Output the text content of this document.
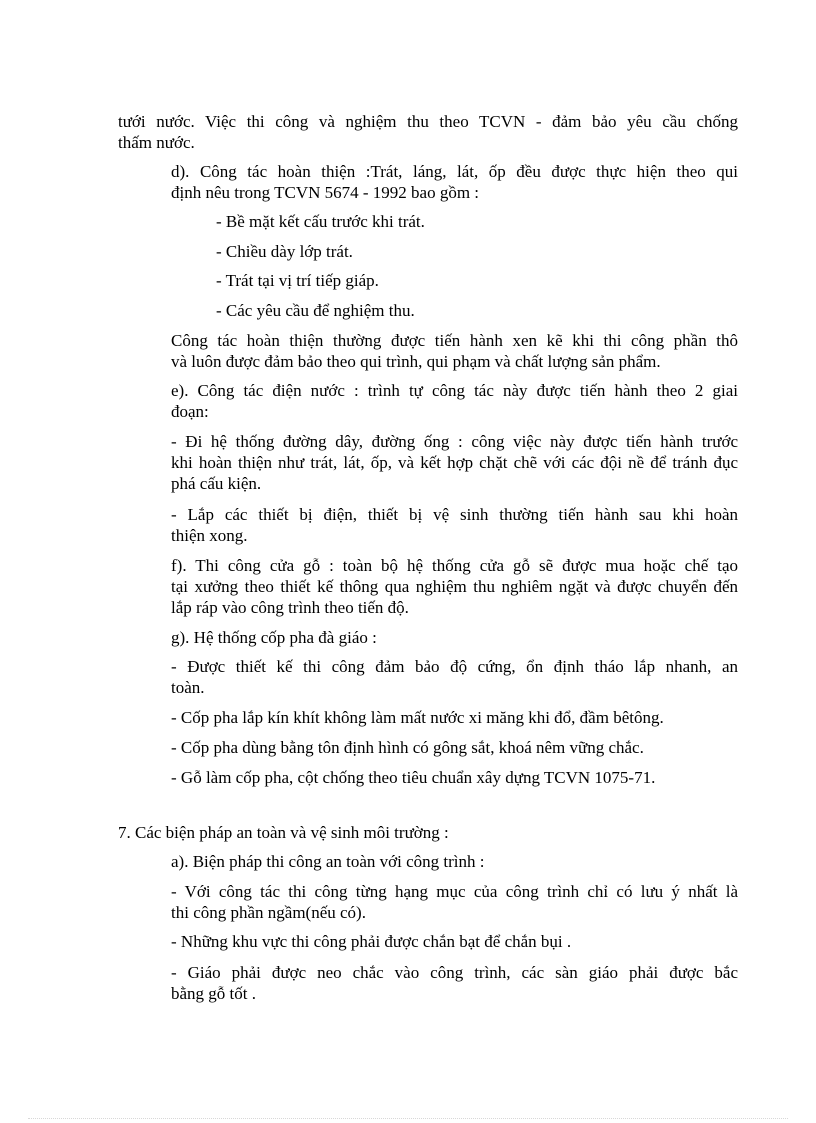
tưới nước. Việc thi công và nghiệm thu theo TCVN - đảm bảo yêu cầu chống
thấm nước.

d). Công tác hoàn thiện :Trát, láng, lát, ốp đều được thực hiện theo qui
định nêu trong TCVN 5674 - 1992 bao gồm :

- Bề mặt kết cấu trước khi trát.

- Chiều dày lớp trát.

- Trát tại vị trí tiếp giáp.

- Các yêu cầu để nghiệm thu.

Công tác hoàn thiện thường được tiến hành xen kẽ khi thi công phần thô
và luôn được đảm bảo theo qui trình, qui phạm và chất lượng sản phẩm.

e). Công tác điện nước : trình tự công tác này được tiến hành theo 2 giai
đoạn:

- Đi hệ thống đường dây, đường ống : công việc này được tiến hành trước
khi hoàn thiện như trát, lát, ốp, và kết hợp chặt chẽ với các đội nề để tránh đục
phá cấu kiện.

- Lắp các thiết bị điện, thiết bị vệ sinh thường tiến hành sau khi hoàn
thiện xong.

f). Thi công cửa gỗ : toàn bộ hệ thống cửa gỗ sẽ được mua hoặc chế tạo
tại xưởng theo thiết kế thông qua nghiệm thu nghiêm ngặt và được chuyển đến
lắp ráp vào công trình theo tiến độ.

g). Hệ thống cốp pha đà giáo :

- Được thiết kế thi công đảm bảo độ cứng, ổn định tháo lắp nhanh, an
toàn.

- Cốp pha lắp kín khít không làm mất nước xi măng khi đổ, đầm bêtông.

- Cốp pha dùng bằng tôn định hình có gông sắt, khoá nêm vững chắc.

- Gỗ làm cốp pha, cột chống theo tiêu chuẩn xây dựng TCVN 1075-71.

7. Các biện pháp an toàn và vệ sinh môi trường :

a). Biện pháp thi công an toàn với công trình :

- Với công tác thi công từng hạng mục của công trình chỉ có lưu ý nhất là
thi công phần ngầm(nếu có).

- Những khu vực thi công phải được chắn bạt để chắn bụi .

- Giáo phải được neo chắc vào công trình, các sàn giáo phải được bắc
bằng gỗ tốt .
